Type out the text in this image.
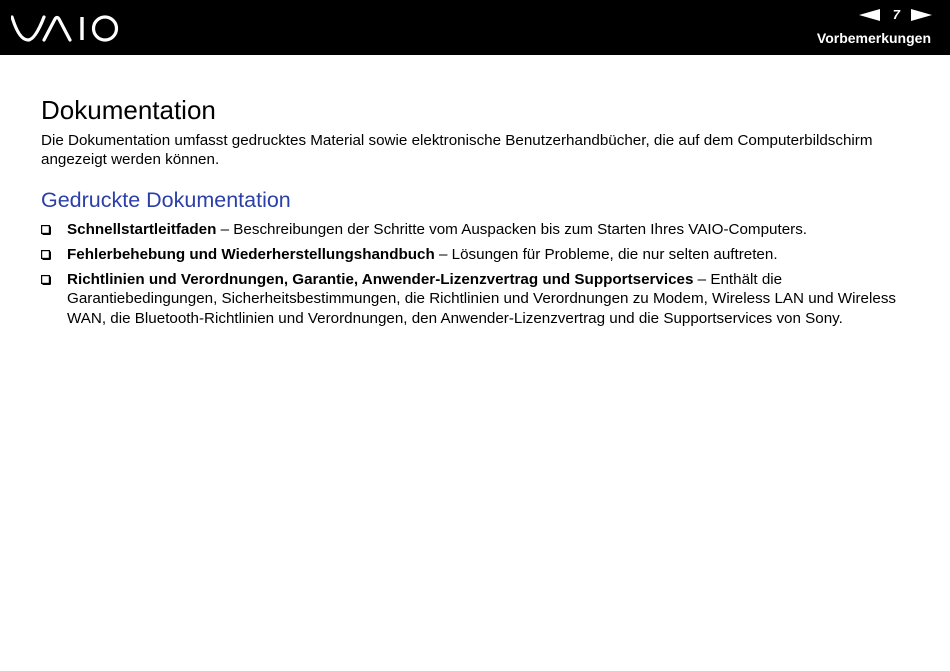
7
Vorbemerkungen
Dokumentation

Die Dokumentation umfasst gedrucktes Material sowie elektronische Benutzerhandbücher, die auf dem Computerbildschirm angezeigt werden können.

Gedruckte Dokumentation
Schnellstartleitfaden – Beschreibungen der Schritte vom Auspacken bis zum Starten Ihres VAIO-Computers.
Fehlerbehebung und Wiederherstellungshandbuch – Lösungen für Probleme, die nur selten auftreten.
Richtlinien und Verordnungen, Garantie, Anwender-Lizenzvertrag und Supportservices – Enthält die Garantiebedingungen, Sicherheitsbestimmungen, die Richtlinien und Verordnungen zu Modem, Wireless LAN und Wireless WAN, die Bluetooth-Richtlinien und Verordnungen, den Anwender-Lizenzvertrag und die Supportservices von Sony.
